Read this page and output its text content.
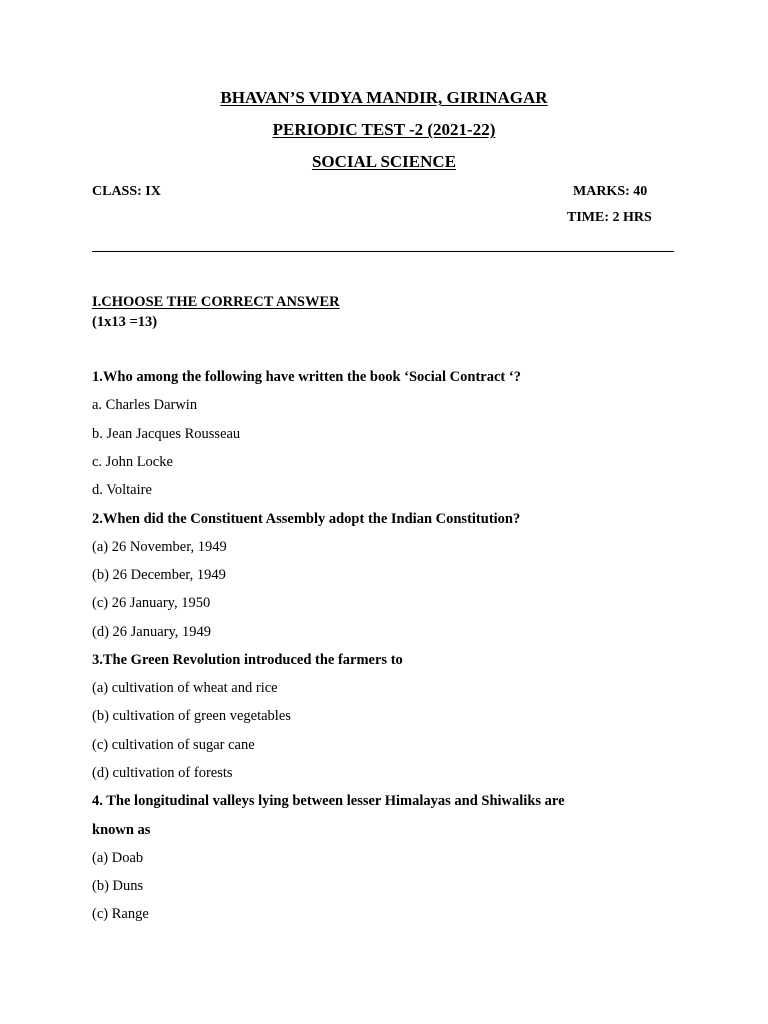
BHAVAN’S VIDYA MANDIR, GIRINAGAR
PERIODIC TEST -2 (2021-22)
SOCIAL SCIENCE
CLASS: IX	MARKS: 40
TIME: 2 HRS
I.CHOOSE THE CORRECT ANSWER
(1x13 =13)
1.Who among the following have written the book ‘Social Contract ‘?
a. Charles Darwin
b. Jean Jacques Rousseau
c. John Locke
d. Voltaire
2.When did the Constituent Assembly adopt the Indian Constitution?
(a) 26 November, 1949
(b) 26 December, 1949
(c) 26 January, 1950
(d) 26 January, 1949
3.The Green Revolution introduced the farmers to
(a) cultivation of wheat and rice
(b) cultivation of green vegetables
(c) cultivation of sugar cane
(d) cultivation of forests
4. The longitudinal valleys lying between lesser Himalayas and Shiwaliks are
known as
(a) Doab
(b) Duns
(c) Range
